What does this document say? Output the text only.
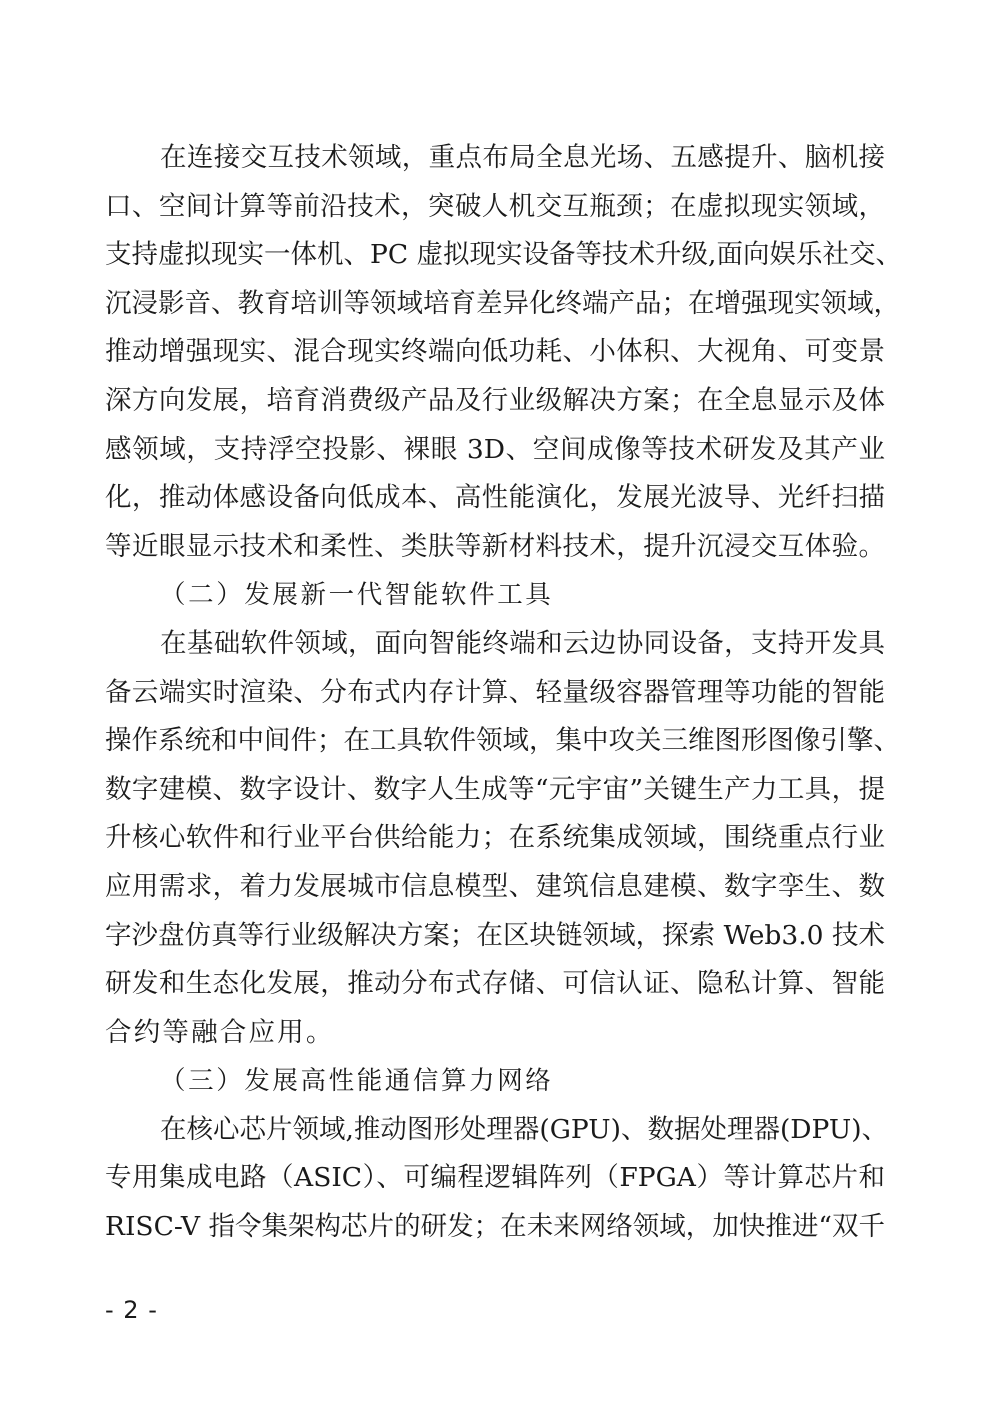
在连接交互技术领域，重点布局全息光场、五感提升、脑机接
口、空间计算等前沿技术，突破人机交互瓶颈；在虚拟现实领域，
支持虚拟现实一体机、PC 虚拟现实设备等技术升级,面向娱乐社交、
沉浸影音、教育培训等领域培育差异化终端产品；在增强现实领域，
推动增强现实、混合现实终端向低功耗、小体积、大视角、可变景
深方向发展，培育消费级产品及行业级解决方案；在全息显示及体
感领域，支持浮空投影、裸眼 3D、空间成像等技术研发及其产业
化，推动体感设备向低成本、高性能演化，发展光波导、光纤扫描
等近眼显示技术和柔性、类肤等新材料技术，提升沉浸交互体验。
（二）发展新一代智能软件工具
在基础软件领域，面向智能终端和云边协同设备，支持开发具
备云端实时渲染、分布式内存计算、轻量级容器管理等功能的智能
操作系统和中间件；在工具软件领域，集中攻关三维图形图像引擎、
数字建模、数字设计、数字人生成等“元宇宙”关键生产力工具，提
升核心软件和行业平台供给能力；在系统集成领域，围绕重点行业
应用需求，着力发展城市信息模型、建筑信息建模、数字孪生、数
字沙盘仿真等行业级解决方案；在区块链领域，探索 Web3.0 技术
研发和生态化发展，推动分布式存储、可信认证、隐私计算、智能
合约等融合应用。
（三）发展高性能通信算力网络
在核心芯片领域,推动图形处理器(GPU)、数据处理器(DPU)、
专用集成电路（ASIC）、可编程逻辑阵列（FPGA）等计算芯片和
RISC-V 指令集架构芯片的研发；在未来网络领域，加快推进“双千
- 2 -
